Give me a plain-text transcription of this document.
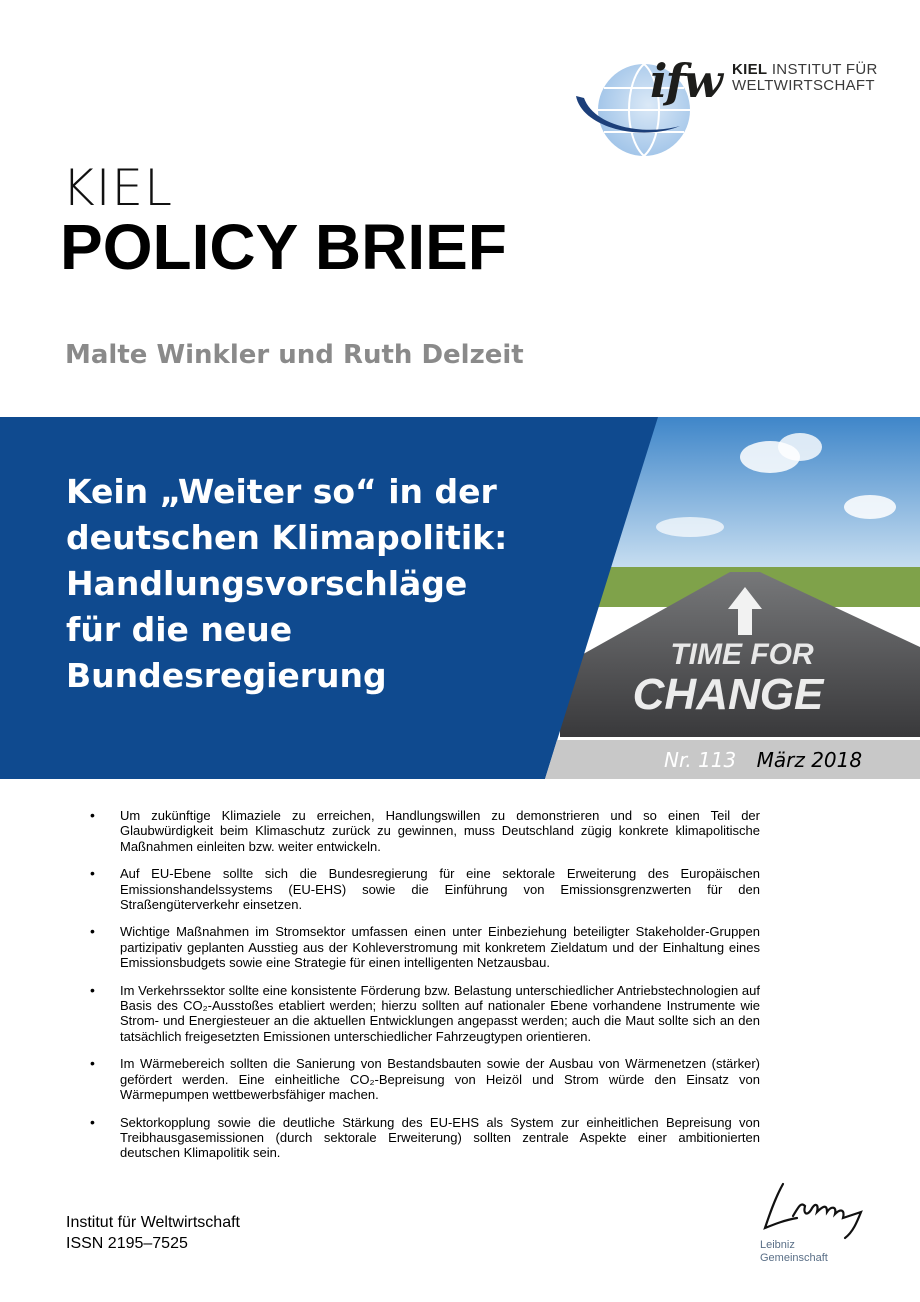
ifw KIEL INSTITUT FÜR
WELTWIRTSCHAFT
KIEL
POLICY BRIEF
Malte Winkler und Ruth Delzeit
TIME FOR
CHANGE
Kein „Weiter so“ in der
deutschen Klimapolitik:
Handlungsvorschläge
für die neue
Bundesregierung
Nr. 113 März 2018
• Um zukünftige Klimaziele zu erreichen, Handlungswillen zu demonstrieren und so einen Teil der Glaubwürdigkeit beim Klimaschutz zurück zu gewinnen, muss Deutschland zügig konkrete klimapolitische Maßnahmen einleiten bzw. weiter entwickeln.
• Auf EU-Ebene sollte sich die Bundesregierung für eine sektorale Erweiterung des Europäischen Emissionshandelssystems (EU-EHS) sowie die Einführung von Emissionsgrenzwerten für den Straßengüterverkehr einsetzen.
• Wichtige Maßnahmen im Stromsektor umfassen einen unter Einbeziehung beteiligter Stakeholder-Gruppen partizipativ geplanten Ausstieg aus der Kohleverstromung mit konkretem Zieldatum und der Einhaltung eines Emissionsbudgets sowie eine Strategie für einen intelligenten Netzausbau.
• Im Verkehrssektor sollte eine konsistente Förderung bzw. Belastung unterschiedlicher Antriebstechnologien auf Basis des CO₂-Ausstoßes etabliert werden; hierzu sollten auf nationaler Ebene vorhandene Instrumente wie Strom- und Energiesteuer an die aktuellen Entwicklungen angepasst werden; auch die Maut sollte sich an den tatsächlich freigesetzten Emissionen unterschiedlicher Fahrzeugtypen orientieren.
• Im Wärmebereich sollten die Sanierung von Bestandsbauten sowie der Ausbau von Wärmenetzen (stärker) gefördert werden. Eine einheitliche CO₂-Bepreisung von Heizöl und Strom würde den Einsatz von Wärmepumpen wettbewerbsfähiger machen.
• Sektorkopplung sowie die deutliche Stärkung des EU-EHS als System zur einheitlichen Bepreisung von Treibhausgasemissionen (durch sektorale Erweiterung) sollten zentrale Aspekte einer ambitionierten deutschen Klimapolitik sein.
Institut für Weltwirtschaft
ISSN 2195–7525	Leibniz
Gemeinschaft
